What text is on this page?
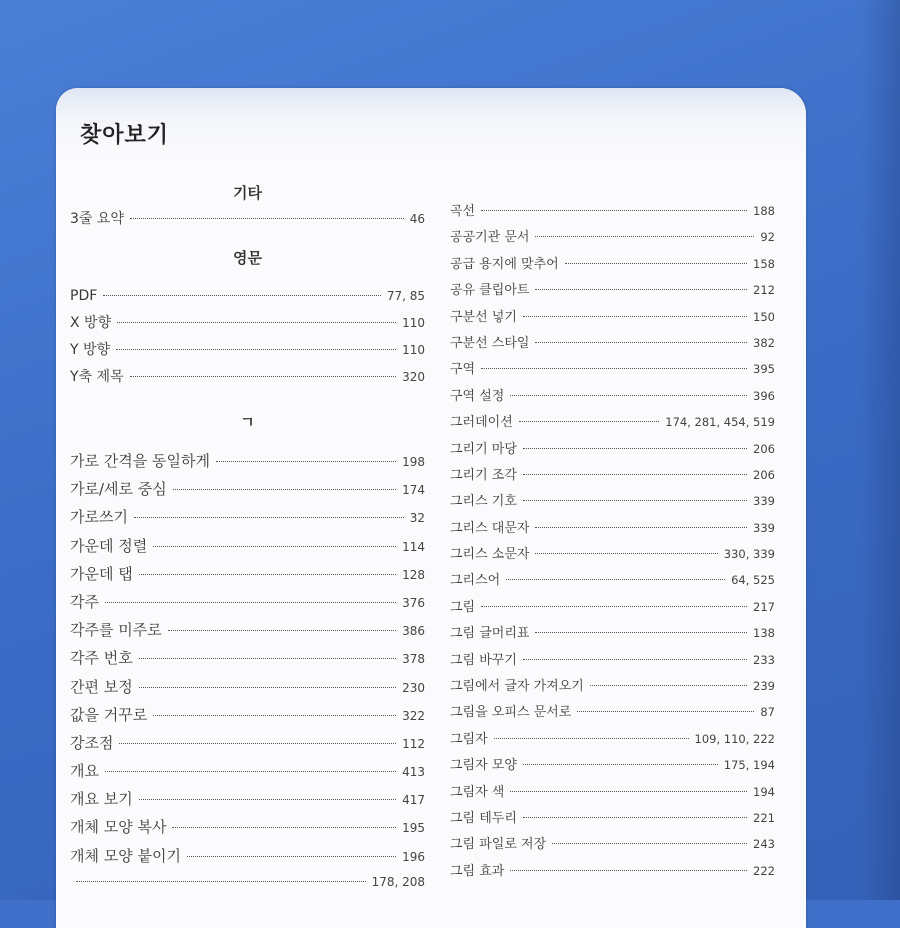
찾아보기
기타
3줄 요약	46
영문
PDF	77, 85
X 방향	110
Y 방향	110
Y축 제목	320
ㄱ
가로 간격을 동일하게	198
가로/세로 중심	174
가로쓰기	32
가운데 정렬	114
가운데 탭	128
각주	376
각주를 미주로	386
각주 번호	378
간편 보정	230
값을 거꾸로	322
강조점	112
개요	413
개요 보기	417
개체 모양 복사	195
개체 모양 붙이기	196
곡선	188
공공기관 문서	92
공급 용지에 맞추어	158
공유 클립아트	212
구분선 넣기	150
구분선 스타일	382
구역	395
구역 설정	396
그러데이션	174, 281, 454, 519
그리기 마당	206
그리기 조각	206
그리스 기호	339
그리스 대문자	339
그리스 소문자	330, 339
그리스어	64, 525
그림	217
그림 글머리표	138
그림 바꾸기	233
그림에서 글자 가져오기	239
그림을 오피스 문서로	87
그림자	109, 110, 222
그림자 모양	175, 194
그림자 색	194
그림 테두리	221
그림 파일로 저장	243
그림 효과	222
178, 208
